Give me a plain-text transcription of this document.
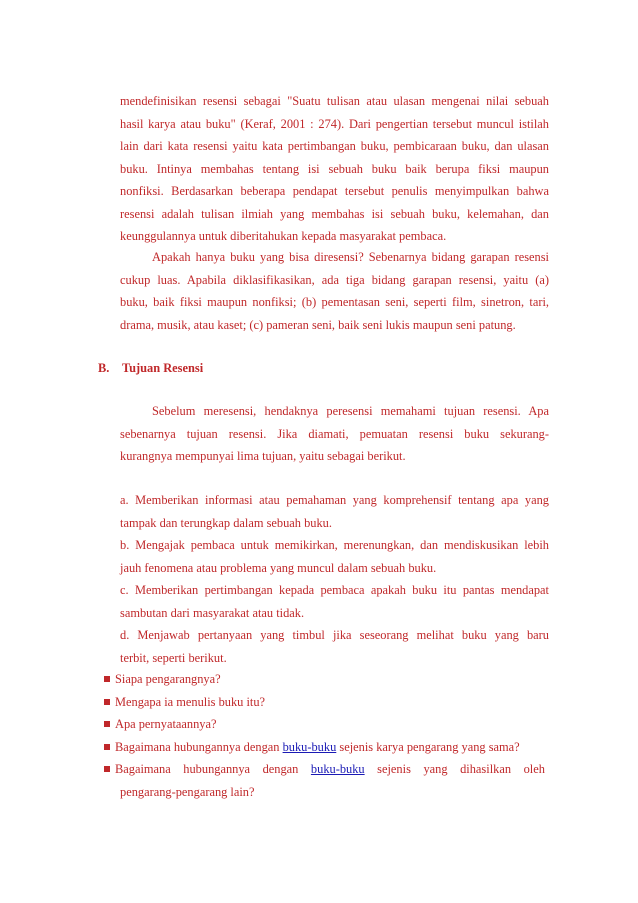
mendefinisikan resensi sebagai "Suatu tulisan atau ulasan mengenai nilai sebuah
hasil karya atau buku" (Keraf, 2001 : 274). Dari pengertian tersebut muncul istilah
lain dari kata resensi yaitu kata pertimbangan buku, pembicaraan buku, dan ulasan
buku. Intinya membahas tentang isi sebuah buku baik berupa fiksi maupun
nonfiksi. Berdasarkan beberapa pendapat tersebut penulis menyimpulkan bahwa
resensi adalah tulisan ilmiah yang membahas isi sebuah buku, kelemahan, dan
keunggulannya untuk diberitahukan kepada masyarakat pembaca.
Apakah hanya buku yang bisa diresensi? Sebenarnya bidang garapan resensi
cukup luas. Apabila diklasifikasikan, ada tiga bidang garapan resensi, yaitu (a)
buku, baik fiksi maupun nonfiksi; (b) pementasan seni, seperti film, sinetron, tari,
drama, musik, atau kaset; (c) pameran seni, baik seni lukis maupun seni patung.
B. Tujuan Resensi
Sebelum meresensi, hendaknya peresensi memahami tujuan resensi. Apa
sebenarnya tujuan resensi. Jika diamati, pemuatan resensi buku sekurang-
kurangnya mempunyai lima tujuan, yaitu sebagai berikut.
a. Memberikan informasi atau pemahaman yang komprehensif tentang apa yang
tampak dan terungkap dalam sebuah buku.
b. Mengajak pembaca untuk memikirkan, merenungkan, dan mendiskusikan lebih
jauh fenomena atau problema yang muncul dalam sebuah buku.
c. Memberikan pertimbangan kepada pembaca apakah buku itu pantas mendapat
sambutan dari masyarakat atau tidak.
d. Menjawab pertanyaan yang timbul jika seseorang melihat buku yang baru
terbit, seperti berikut.
Siapa pengarangnya?
Mengapa ia menulis buku itu?
Apa pernyataannya?
Bagaimana hubungannya dengan buku-buku sejenis karya pengarang yang sama?
Bagaimana hubungannya dengan buku-buku sejenis yang dihasilkan oleh
pengarang-pengarang lain?
